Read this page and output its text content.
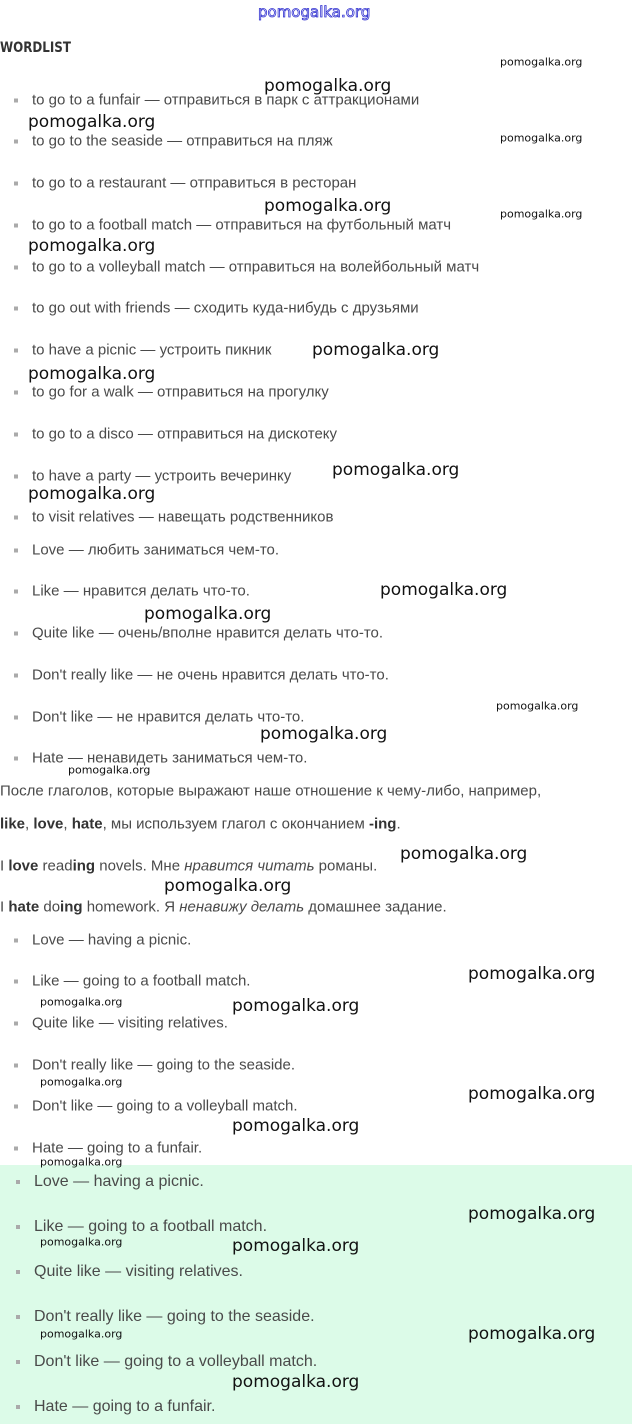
pomogalka.org
WORDLIST
to go to a funfair — отправиться в парк с аттракционами
to go to the seaside — отправиться на пляж
to go to a restaurant — отправиться в ресторан
to go to a football match — отправиться на футбольный матч
to go to a volleyball match — отправиться на волейбольный матч
to go out with friends — сходить куда-нибудь с друзьями
to have a picnic — устроить пикник
to go for a walk — отправиться на прогулку
to go to a disco — отправиться на дискотеку
to have a party — устроить вечеринку
to visit relatives — навещать родственников
Love — любить заниматься чем-то.
Like — нравится делать что-то.
Quite like — очень/вполне нравится делать что-то.
Don't really like — не очень нравится делать что-то.
Don't like — не нравится делать что-то.
Hate — ненавидеть заниматься чем-то.
Love — having a picnic.
Like — going to a football match.
Quite like — visiting relatives.
Don't really like — going to the seaside.
Don't like — going to a volleyball match.
Hate — going to a funfair.
Love — having a picnic.
Like — going to a football match.
Quite like — visiting relatives.
Don't really like — going to the seaside.
Don't like — going to a volleyball match.
Hate — going to a funfair.
После глаголов, которые выражают наше отношение к чему-либо, например,
like, love, hate, мы используем глагол с окончанием -ing.
I love reading novels. Мне нравится читать романы.
I hate doing homework. Я ненавижу делать домашнее задание.
pomogalka.org
pomogalka.org
pomogalka.org
pomogalka.org
pomogalka.org
pomogalka.org
pomogalka.org
pomogalka.org
pomogalka.org
pomogalka.org
pomogalka.org
pomogalka.org
pomogalka.org
pomogalka.org
pomogalka.org
pomogalka.org
pomogalka.org
pomogalka.org
pomogalka.org
pomogalka.org
pomogalka.org
pomogalka.org
pomogalka.org
pomogalka.org
pomogalka.org
pomogalka.org
pomogalka.org
pomogalka.org
pomogalka.org
pomogalka.org
pomogalka.org
